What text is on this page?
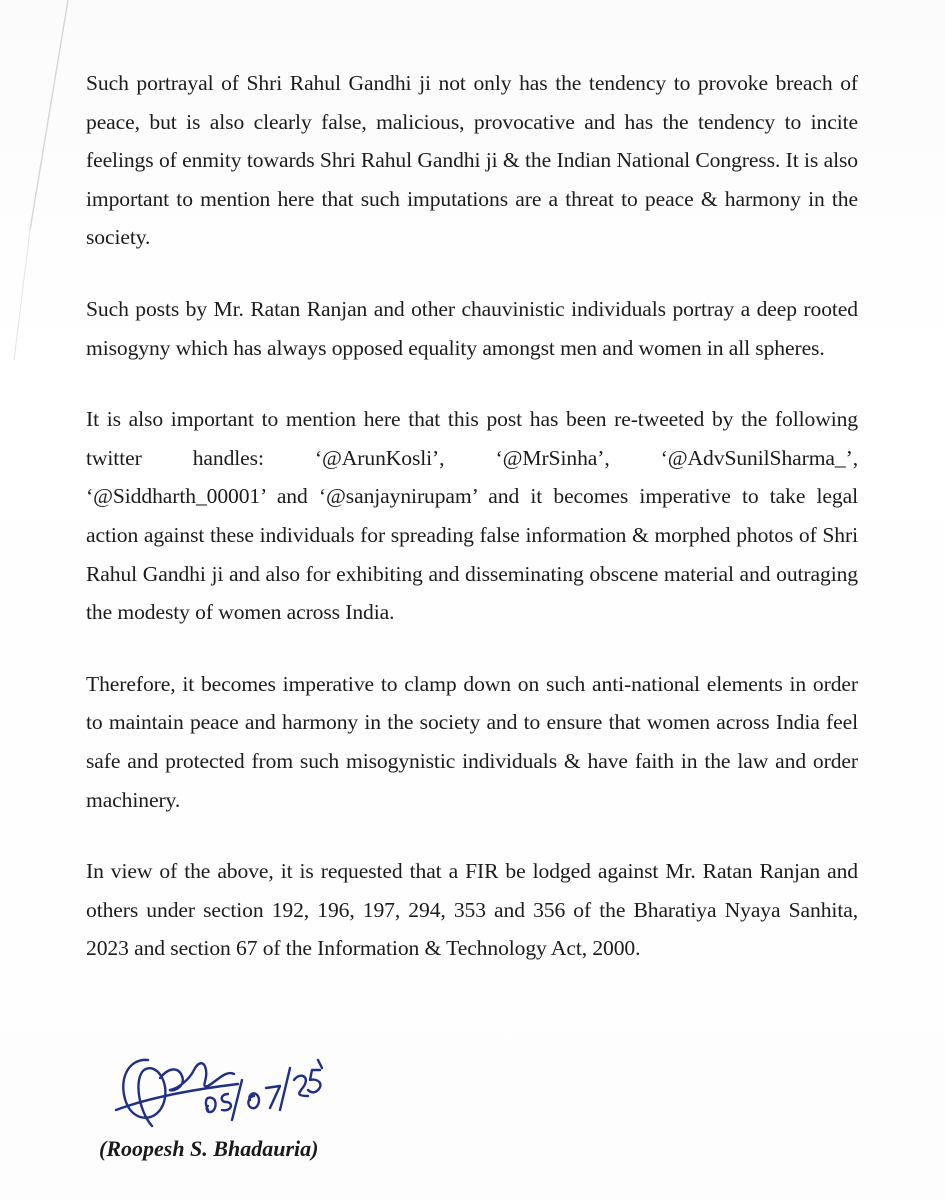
Such portrayal of Shri Rahul Gandhi ji not only has the tendency to provoke breach of peace, but is also clearly false, malicious, provocative and has the tendency to incite feelings of enmity towards Shri Rahul Gandhi ji & the Indian National Congress. It is also important to mention here that such imputations are a threat to peace & harmony in the society.

Such posts by Mr. Ratan Ranjan and other chauvinistic individuals portray a deep rooted misogyny which has always opposed equality amongst men and women in all spheres.

It is also important to mention here that this post has been re-tweeted by the following twitter handles: ‘@ArunKosli’, ‘@MrSinha’, ‘@AdvSunilSharma_’, ‘@Siddharth_00001’ and ‘@sanjaynirupam’ and it becomes imperative to take legal action against these individuals for spreading false information & morphed photos of Shri Rahul Gandhi ji and also for exhibiting and disseminating obscene material and outraging the modesty of women across India.

Therefore, it becomes imperative to clamp down on such anti-national elements in order to maintain peace and harmony in the society and to ensure that women across India feel safe and protected from such misogynistic individuals & have faith in the law and order machinery.

In view of the above, it is requested that a FIR be lodged against Mr. Ratan Ranjan and others under section 192, 196, 197, 294, 353 and 356 of the Bharatiya Nyaya Sanhita, 2023 and section 67 of the Information & Technology Act, 2000.

(Roopesh S. Bhadauria)
